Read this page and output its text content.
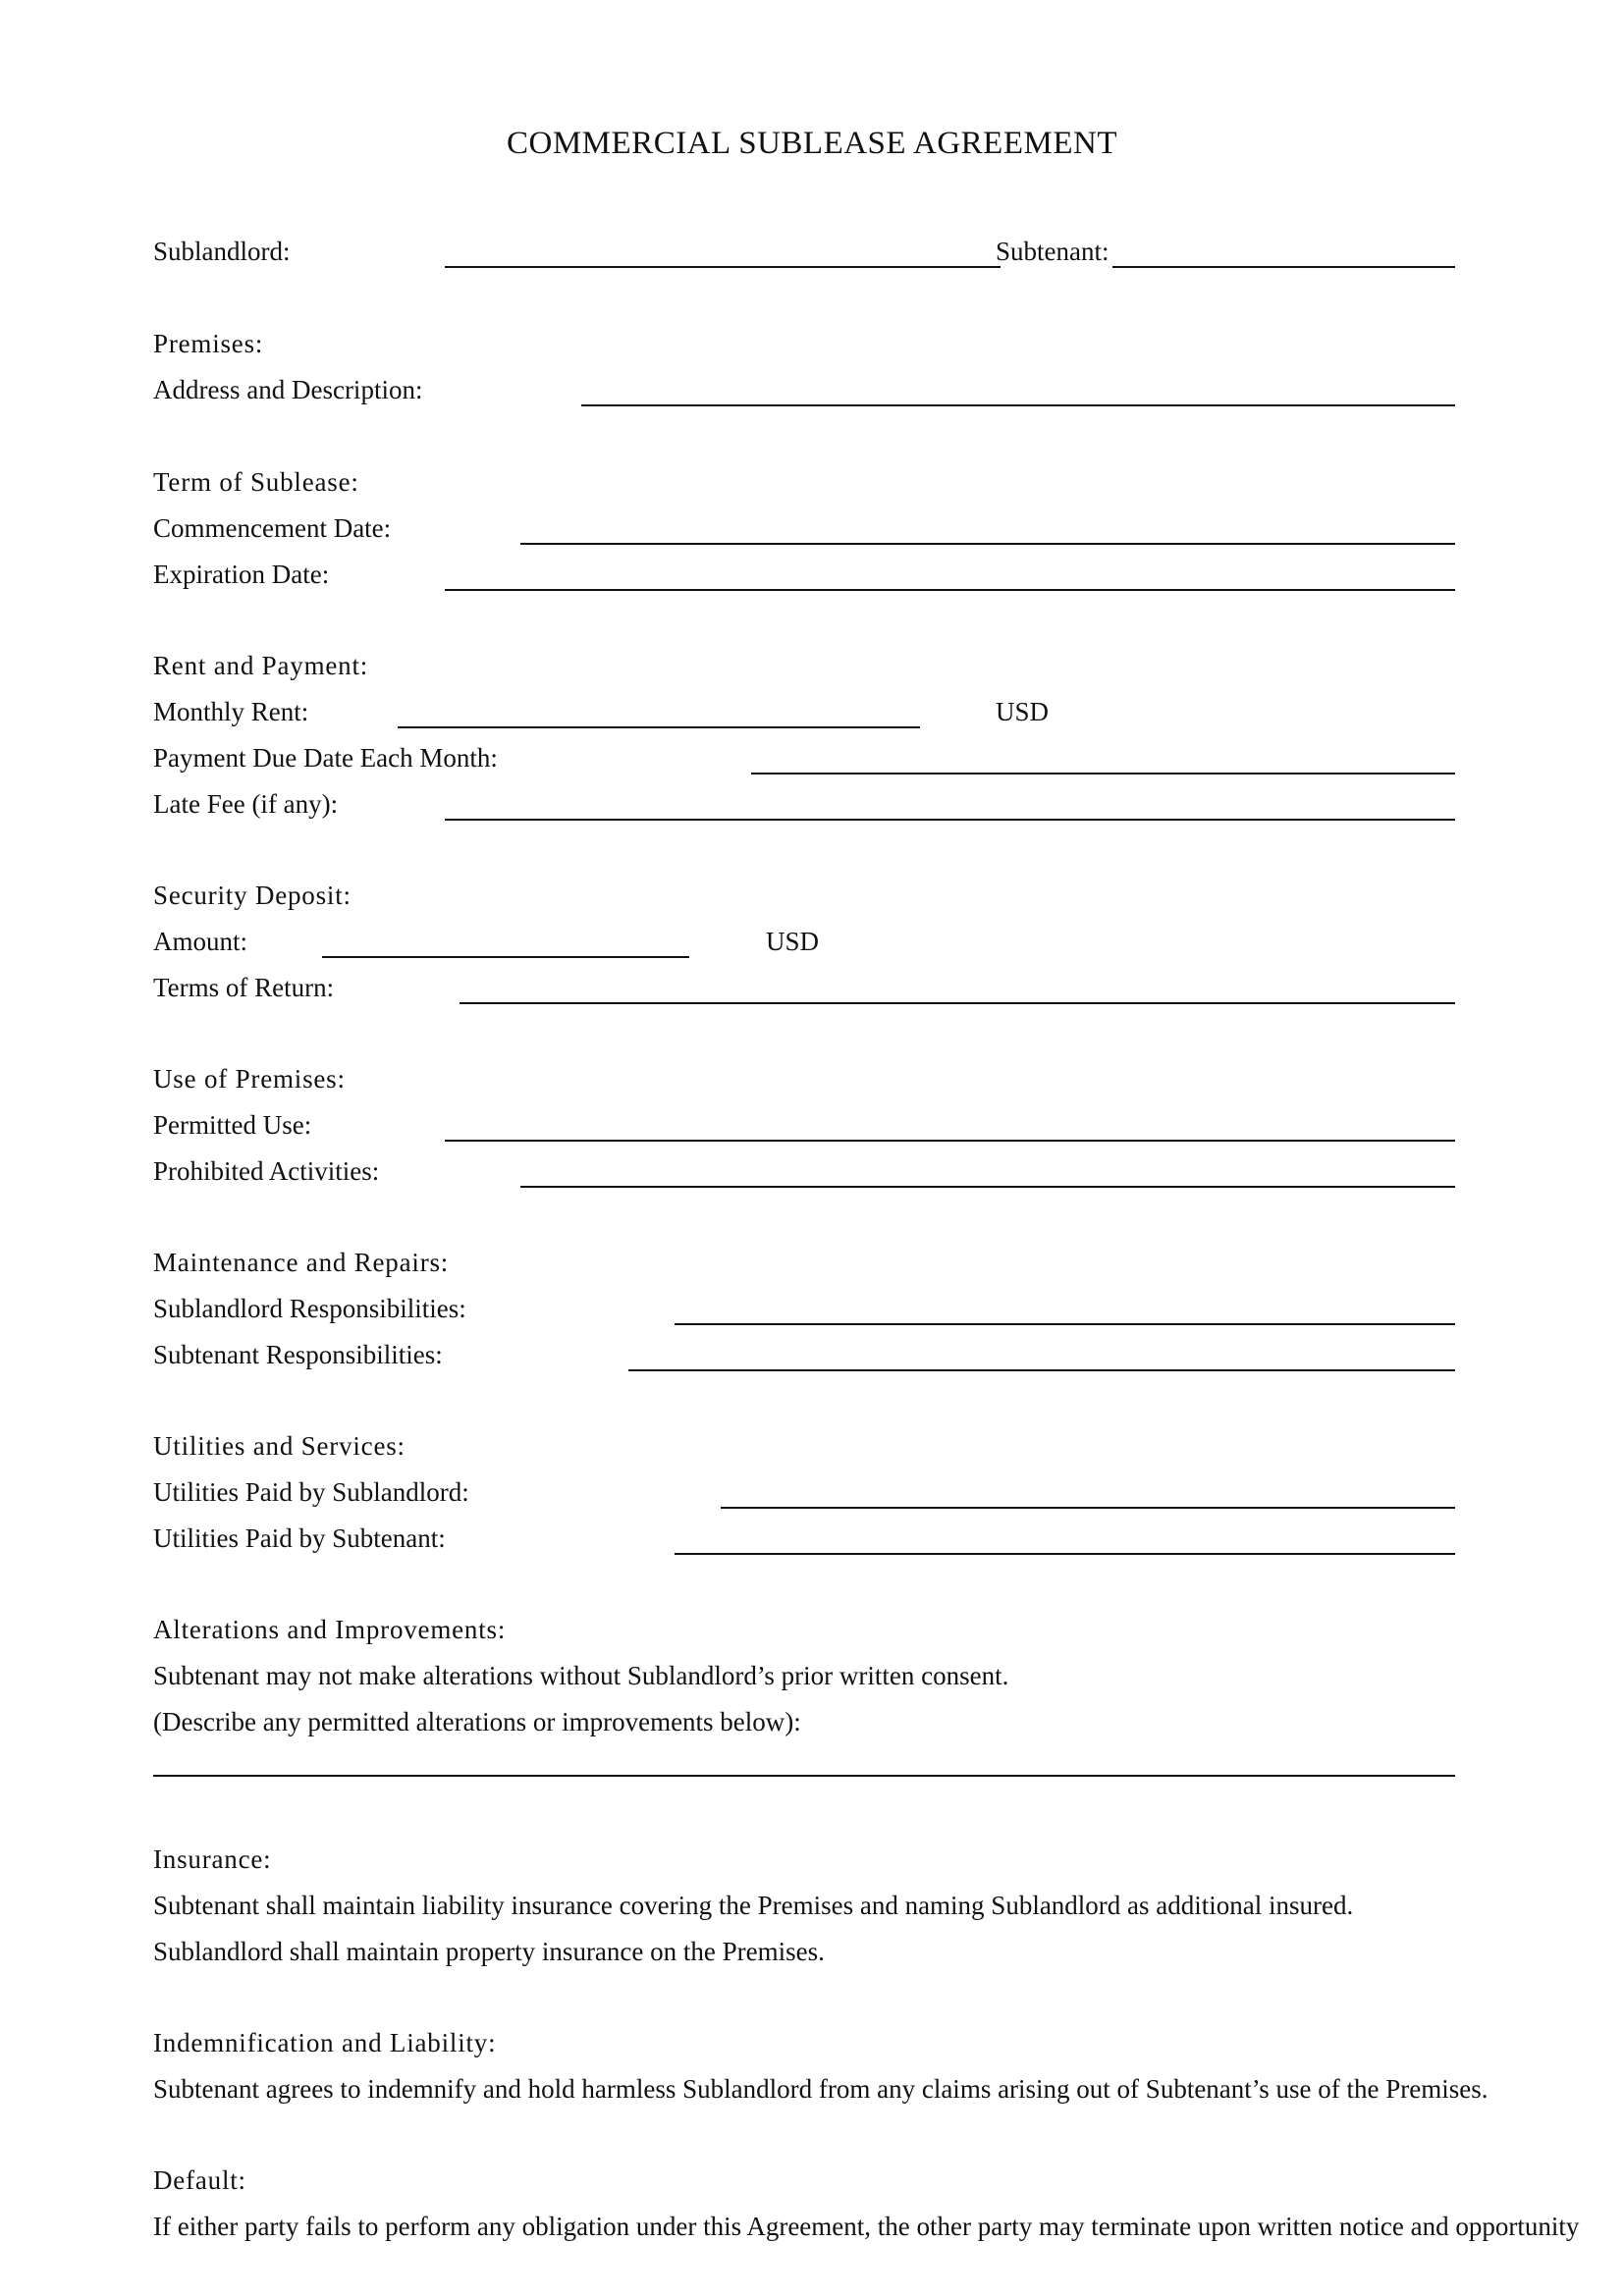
COMMERCIAL SUBLEASE AGREEMENT
Sublandlord:	Subtenant:
Premises:
Address and Description:
Term of Sublease:
Commencement Date:
Expiration Date:
Rent and Payment:
Monthly Rent:	USD
Payment Due Date Each Month:
Late Fee (if any):
Security Deposit:
Amount:	USD
Terms of Return:
Use of Premises:
Permitted Use:
Prohibited Activities:
Maintenance and Repairs:
Sublandlord Responsibilities:
Subtenant Responsibilities:
Utilities and Services:
Utilities Paid by Sublandlord:
Utilities Paid by Subtenant:
Alterations and Improvements:
Subtenant may not make alterations without Sublandlord’s prior written consent.
(Describe any permitted alterations or improvements below):
Insurance:
Subtenant shall maintain liability insurance covering the Premises and naming Sublandlord as additional insured.
Sublandlord shall maintain property insurance on the Premises.
Indemnification and Liability:
Subtenant agrees to indemnify and hold harmless Sublandlord from any claims arising out of Subtenant’s use of the Premises.
Default:
If either party fails to perform any obligation under this Agreement, the other party may terminate upon written notice and opportunity
